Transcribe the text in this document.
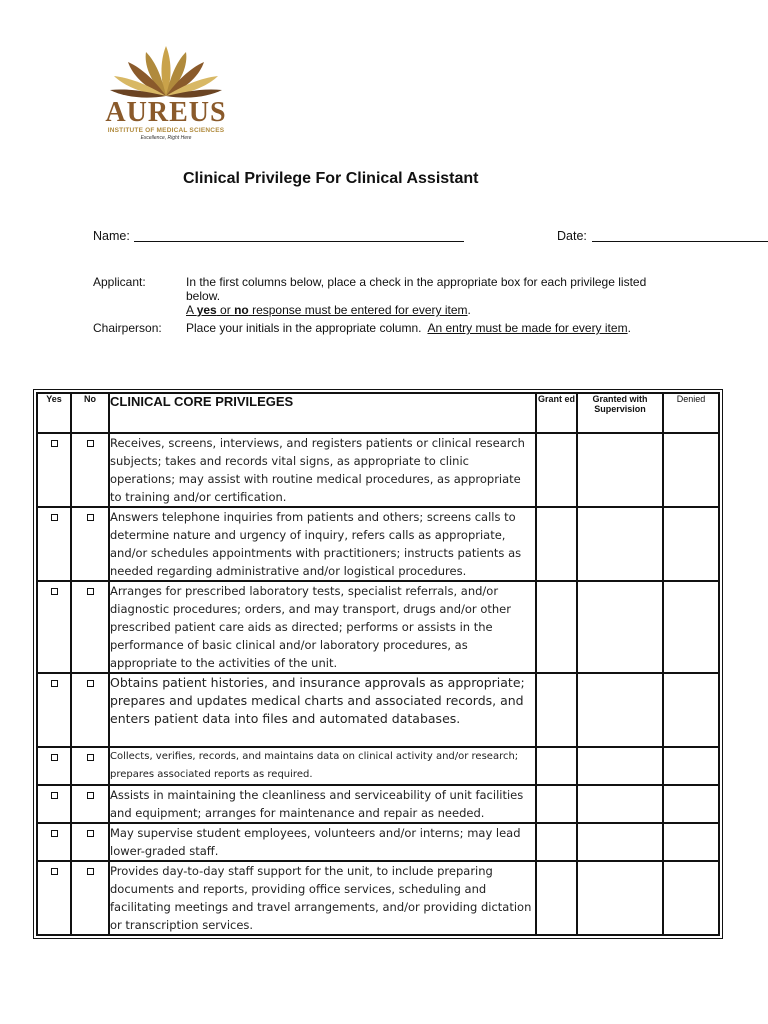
AUREUS
INSTITUTE OF MEDICAL SCIENCES
Excellence, Right Here
Clinical Privilege For Clinical Assistant
Name:	Date:
Applicant:	In the first columns below, place a check in the appropriate box for each privilege listed below.
A yes or no response must be entered for every item.
Chairperson: Place your initials in the appropriate column. An entry must be made for every item.
Yes	No	CLINICAL CORE PRIVILEGES	Grant ed	Granted with Supervision	Denied
		Receives, screens, interviews, and registers patients or clinical research subjects; takes and records vital signs, as appropriate to clinic operations; may assist with routine medical procedures, as appropriate to training and/or certification.			
		Answers telephone inquiries from patients and others; screens calls to determine nature and urgency of inquiry, refers calls as appropriate, and/or schedules appointments with practitioners; instructs patients as needed regarding administrative and/or logistical procedures.			
		Arranges for prescribed laboratory tests, specialist referrals, and/or diagnostic procedures; orders, and may transport, drugs and/or other prescribed patient care aids as directed; performs or assists in the performance of basic clinical and/or laboratory procedures, as appropriate to the activities of the unit.			
		Obtains patient histories, and insurance approvals as appropriate; prepares and updates medical charts and associated records, and enters patient data into files and automated databases.			
		Collects, verifies, records, and maintains data on clinical activity and/or research; prepares associated reports as required.			
		Assists in maintaining the cleanliness and serviceability of unit facilities and equipment; arranges for maintenance and repair as needed.			
		May supervise student employees, volunteers and/or interns; may lead lower-graded staff.			
		Provides day-to-day staff support for the unit, to include preparing documents and reports, providing office services, scheduling and facilitating meetings and travel arrangements, and/or providing dictation or transcription services.			
